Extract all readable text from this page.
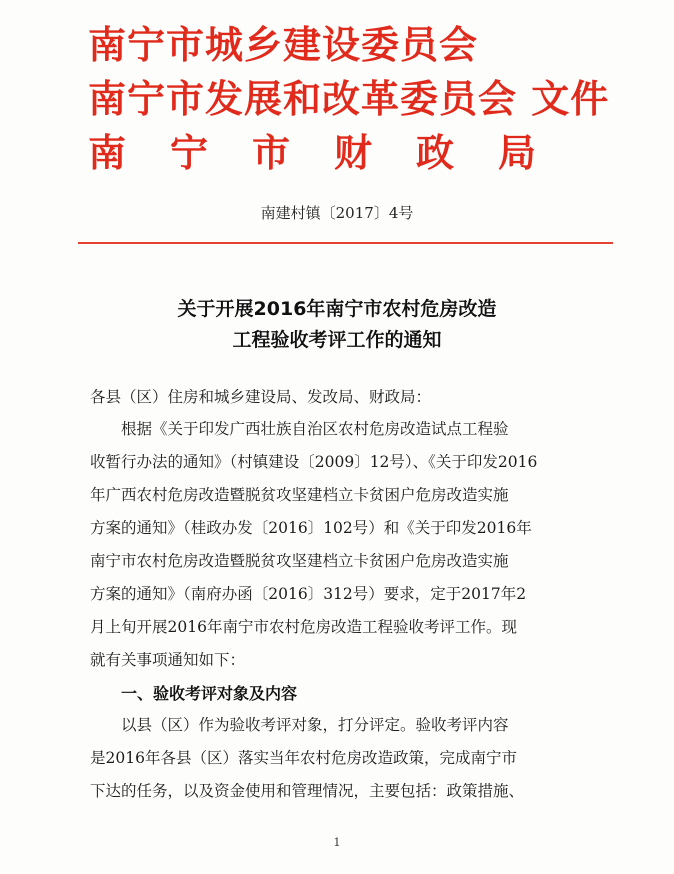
南宁市城乡建设委员会
南宁市发展和改革委员会 文件
南宁市财政局
南建村镇〔2017〕4号
关于开展2016年南宁市农村危房改造
工程验收考评工作的通知
各县（区）住房和城乡建设局、发改局、财政局：
根据《关于印发广西壮族自治区农村危房改造试点工程验
收暂行办法的通知》（村镇建设〔2009〕12号）、《关于印发2016
年广西农村危房改造暨脱贫攻坚建档立卡贫困户危房改造实施
方案的通知》（桂政办发〔2016〕102号）和《关于印发2016年
南宁市农村危房改造暨脱贫攻坚建档立卡贫困户危房改造实施
方案的通知》（南府办函〔2016〕312号）要求，定于2017年2
月上旬开展2016年南宁市农村危房改造工程验收考评工作。现
就有关事项通知如下：
一、验收考评对象及内容
以县（区）作为验收考评对象，打分评定。验收考评内容
是2016年各县（区）落实当年农村危房改造政策，完成南宁市
下达的任务，以及资金使用和管理情况，主要包括：政策措施、
1
